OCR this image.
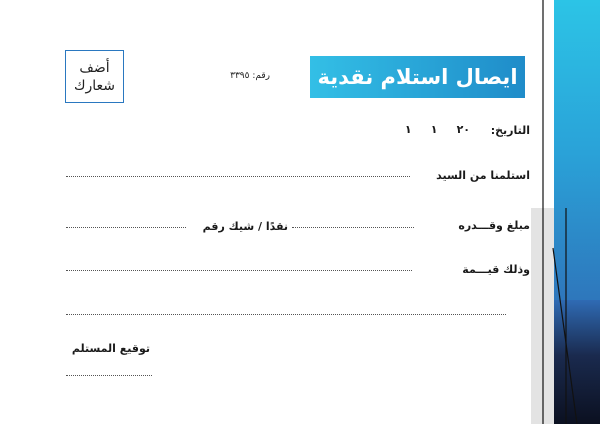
ايصال استلام نقدية
أضف
شعارك
رقم: ٣٣٩٥
التاريخ:
٢٠     ١     ١
استلمنا من السيد
مبلغ وقـــدره
نقدًا / شيك رقم
وذلك قيـــمة
توقيع المستلم
